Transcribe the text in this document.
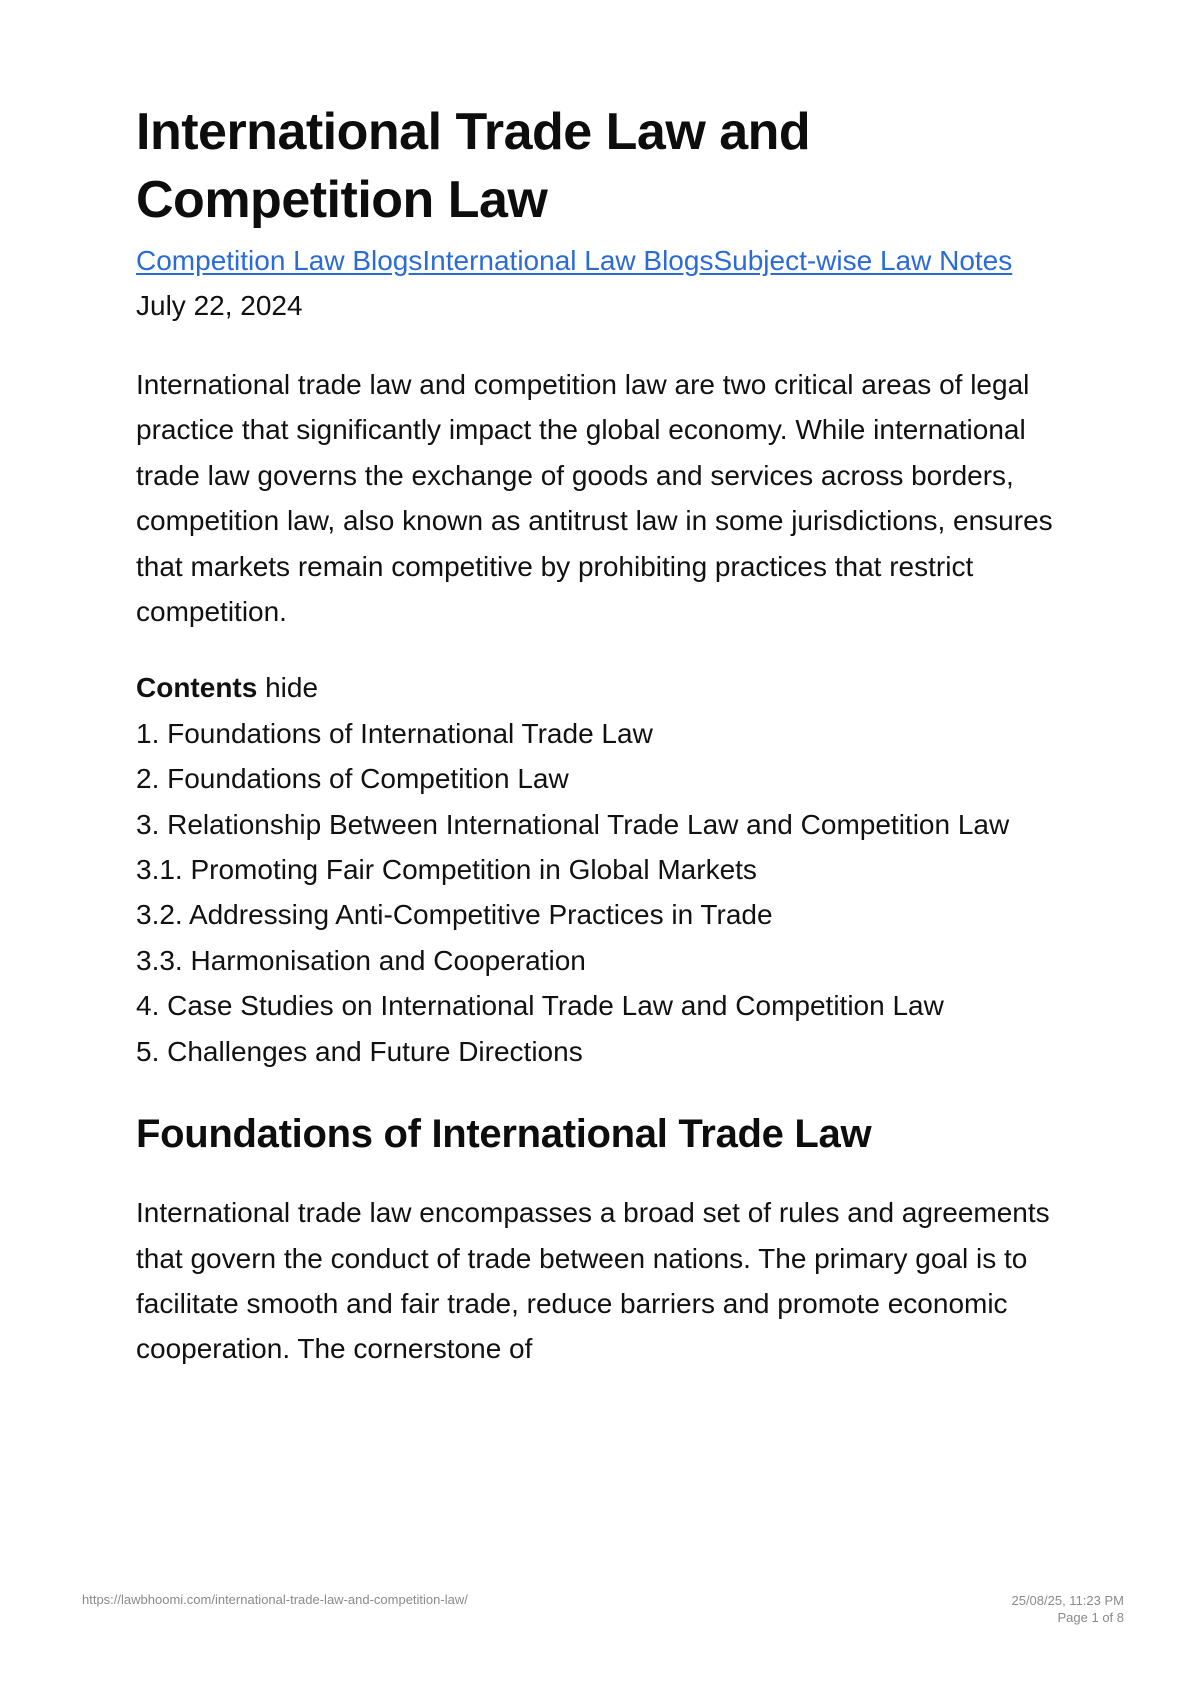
International Trade Law and Competition Law
Competition Law BlogsInternational Law BlogsSubject-wise Law Notes
July 22, 2024

International trade law and competition law are two critical areas of legal practice that significantly impact the global economy. While international trade law governs the exchange of goods and services across borders, competition law, also known as antitrust law in some jurisdictions, ensures that markets remain competitive by prohibiting practices that restrict competition.

Contents hide
1. Foundations of International Trade Law
2. Foundations of Competition Law
3. Relationship Between International Trade Law and Competition Law
3.1. Promoting Fair Competition in Global Markets
3.2. Addressing Anti-Competitive Practices in Trade
3.3. Harmonisation and Cooperation
4. Case Studies on International Trade Law and Competition Law
5. Challenges and Future Directions
Foundations of International Trade Law

International trade law encompasses a broad set of rules and agreements that govern the conduct of trade between nations. The primary goal is to facilitate smooth and fair trade, reduce barriers and promote economic cooperation. The cornerstone of

https://lawbhoomi.com/international-trade-law-and-competition-law/	25/08/25, 11:23 PM
Page 1 of 8
